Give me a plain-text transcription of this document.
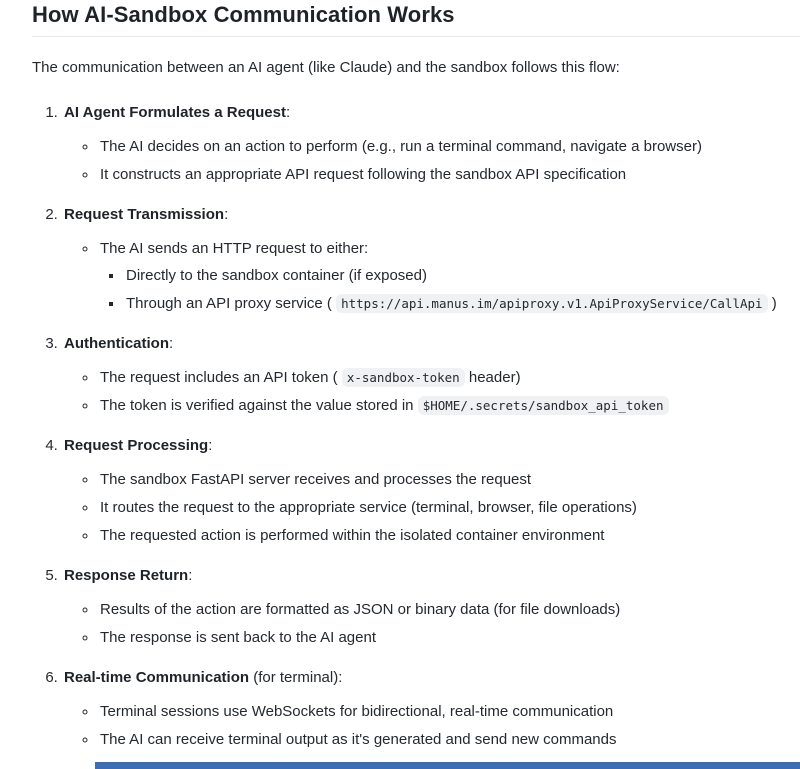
How AI-Sandbox Communication Works

The communication between an AI agent (like Claude) and the sandbox follows this flow:

1. AI Agent Formulates a Request:
◦ The AI decides on an action to perform (e.g., run a terminal command, navigate a browser)
◦ It constructs an appropriate API request following the sandbox API specification
2. Request Transmission:
◦ The AI sends an HTTP request to either:
▪ Directly to the sandbox container (if exposed)
▪ Through an API proxy service ( https://api.manus.im/apiproxy.v1.ApiProxyService/CallApi )
3. Authentication:
◦ The request includes an API token ( x-sandbox-token header)
◦ The token is verified against the value stored in $HOME/.secrets/sandbox_api_token
4. Request Processing:
◦ The sandbox FastAPI server receives and processes the request
◦ It routes the request to the appropriate service (terminal, browser, file operations)
◦ The requested action is performed within the isolated container environment
5. Response Return:
◦ Results of the action are formatted as JSON or binary data (for file downloads)
◦ The response is sent back to the AI agent
6. Real-time Communication (for terminal):
◦ Terminal sessions use WebSockets for bidirectional, real-time communication
◦ The AI can receive terminal output as it's generated and send new commands
